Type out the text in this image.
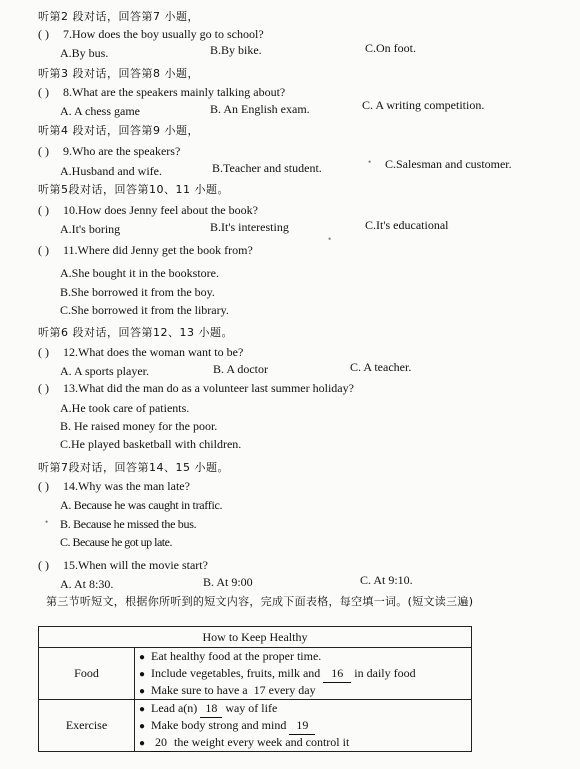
听第2 段对话，回答第7 小题，
( ) 7.How does the boy usually go to school?
A.By bus.	B.By bike.	C.On foot.
听第3 段对话，回答第8 小题，
( ) 8.What are the speakers mainly talking about?
A. A chess game	B. An English exam.	C. A writing competition.
听第4 段对话，回答第9 小题，
( ) 9.Who are the speakers?
A.Husband and wife.	B.Teacher and student.	C.Salesman and customer.
听第5段对话，回答第10、11 小题。
( ) 10.How does Jenny feel about the book?
A.It's boring	B.It's interesting	C.It's educational
( ) 11.Where did Jenny get the book from?
A.She bought it in the bookstore.
B.She borrowed it from the boy.
C.She borrowed it from the library.
听第6 段对话，回答第12、13 小题。
( ) 12.What does the woman want to be?
A. A sports player.	B. A doctor	C. A teacher.
( ) 13.What did the man do as a volunteer last summer holiday?
A.He took care of patients.
B. He raised money for the poor.
C.He played basketball with children.
听第7段对话，回答第14、15 小题。
( ) 14.Why was the man late?
A. Because he was caught in traffic.
B. Because he missed the bus.
C. Because he got up late.
( ) 15.When will the movie start?
A. At 8:30.	B. At 9:00	C. At 9:10.
第三节听短文，根据你所听到的短文内容，完成下面表格，每空填一词。(短文读三遍)
How to Keep Healthy	
Food	● Eat healthy food at the proper time.
● Include vegetables, fruits, milk and 16 in daily food
● Make sure to have a 17 every day

Exercise	● Lead a(n) 18 way of life
● Make body strong and mind 19
● 20 the weight every week and control it
•
•
•
